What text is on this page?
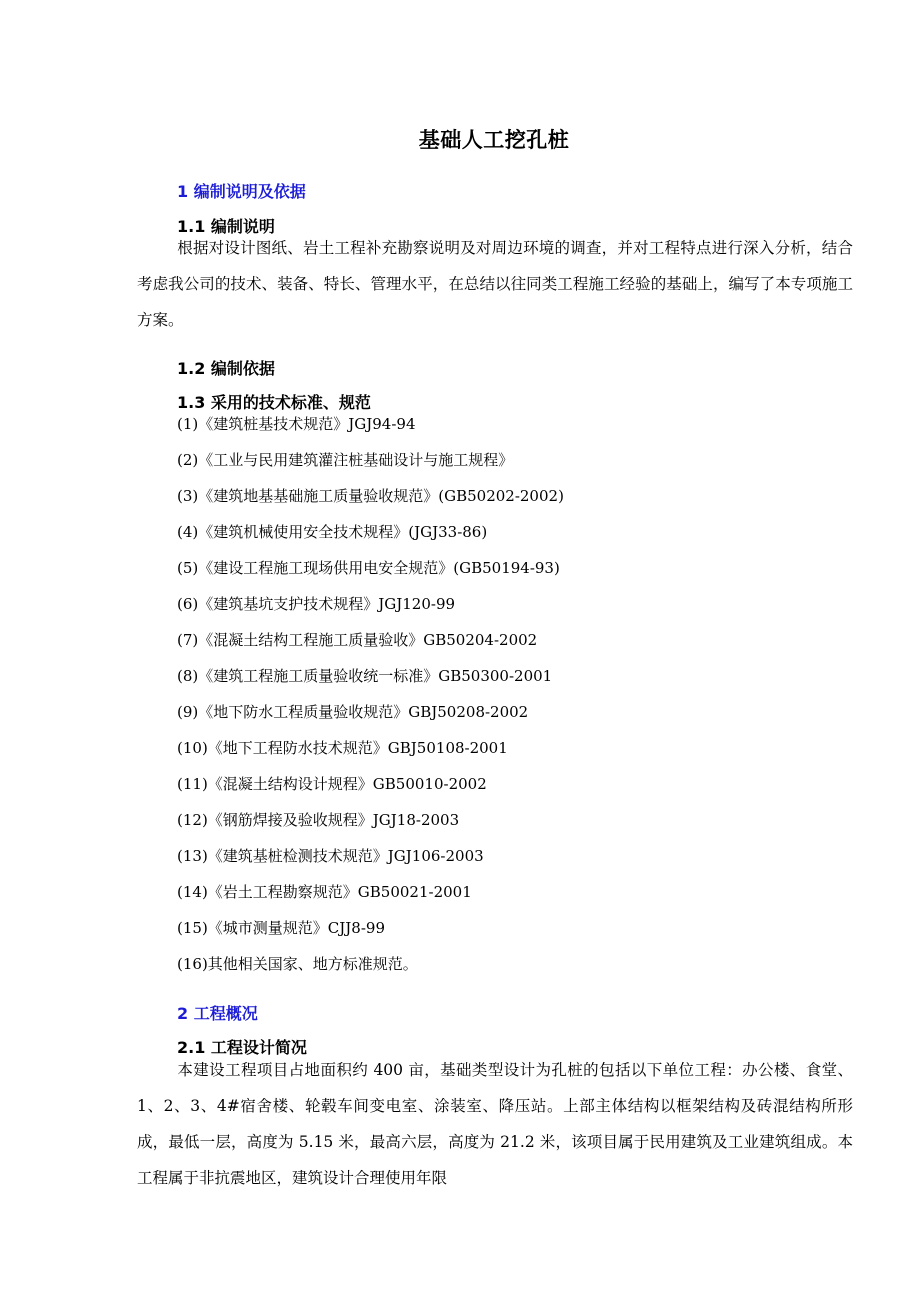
基础人工挖孔桩
1 编制说明及依据
1.1 编制说明
根据对设计图纸、岩土工程补充勘察说明及对周边环境的调查，并对工程特点进行深入分析，结合考虑我公司的技术、装备、特长、管理水平，在总结以往同类工程施工经验的基础上，编写了本专项施工方案。
1.2 编制依据
1.3 采用的技术标准、规范
(1)《建筑桩基技术规范》JGJ94-94
(2)《工业与民用建筑灌注桩基础设计与施工规程》
(3)《建筑地基基础施工质量验收规范》(GB50202-2002)
(4)《建筑机械使用安全技术规程》(JGJ33-86)
(5)《建设工程施工现场供用电安全规范》(GB50194-93)
(6)《建筑基坑支护技术规程》JGJ120-99
(7)《混凝土结构工程施工质量验收》GB50204-2002
(8)《建筑工程施工质量验收统一标准》GB50300-2001
(9)《地下防水工程质量验收规范》GBJ50208-2002
(10)《地下工程防水技术规范》GBJ50108-2001
(11)《混凝土结构设计规程》GB50010-2002
(12)《钢筋焊接及验收规程》JGJ18-2003
(13)《建筑基桩检测技术规范》JGJ106-2003
(14)《岩土工程勘察规范》GB50021-2001
(15)《城市测量规范》CJJ8-99
(16)其他相关国家、地方标准规范。
2 工程概况
2.1 工程设计简况
本建设工程项目占地面积约 400 亩，基础类型设计为孔桩的包括以下单位工程：办公楼、食堂、1、2、3、4#宿舍楼、轮毂车间变电室、涂装室、降压站。上部主体结构以框架结构及砖混结构所形成，最低一层，高度为 5.15 米，最高六层，高度为 21.2 米，该项目属于民用建筑及工业建筑组成。本工程属于非抗震地区，建筑设计合理使用年限
